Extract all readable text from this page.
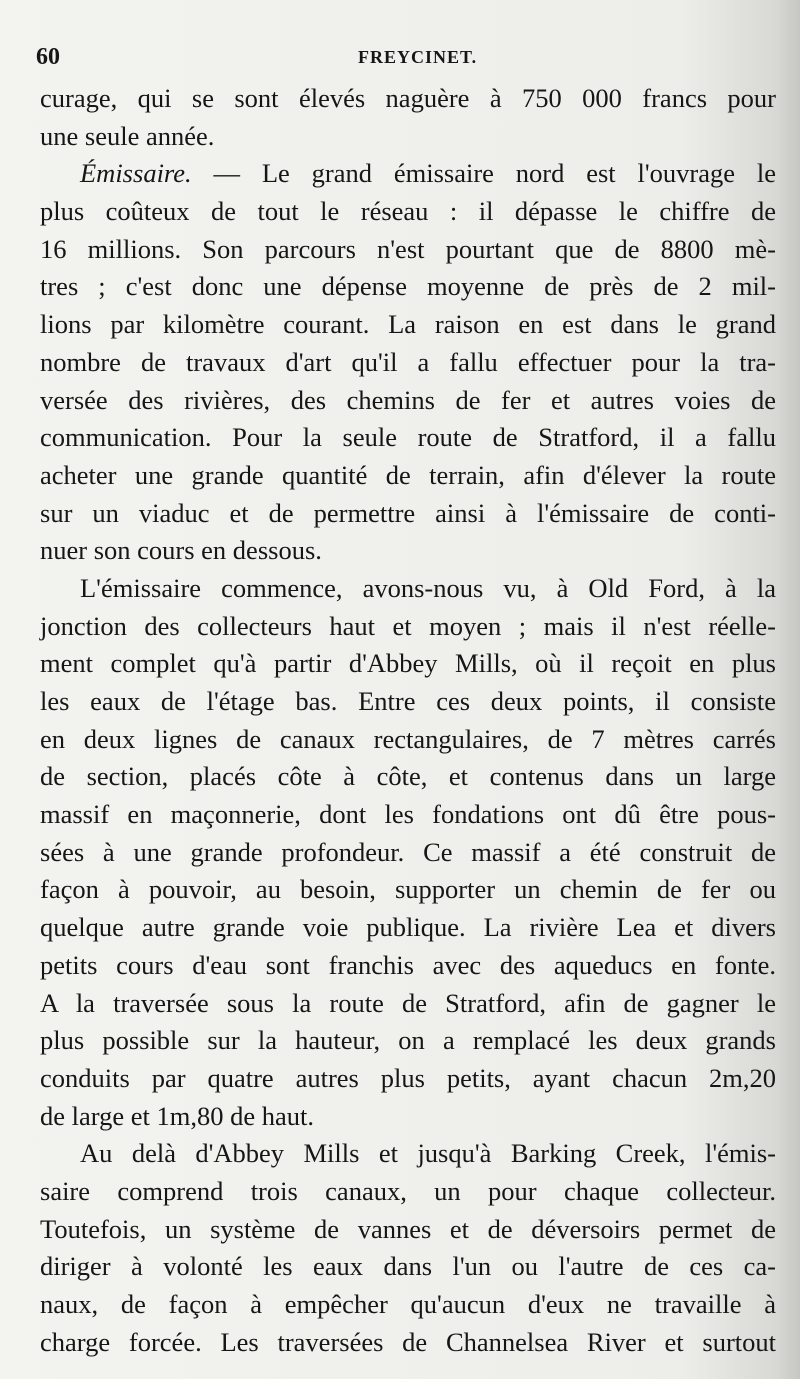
60	FREYCINET.
curage, qui se sont élevés naguère à 750 000 francs pour
une seule année.
Émissaire. — Le grand émissaire nord est l'ouvrage le
plus coûteux de tout le réseau : il dépasse le chiffre de
16 millions. Son parcours n'est pourtant que de 8800 mè-
tres ; c'est donc une dépense moyenne de près de 2 mil-
lions par kilomètre courant. La raison en est dans le grand
nombre de travaux d'art qu'il a fallu effectuer pour la tra-
versée des rivières, des chemins de fer et autres voies de
communication. Pour la seule route de Stratford, il a fallu
acheter une grande quantité de terrain, afin d'élever la route
sur un viaduc et de permettre ainsi à l'émissaire de conti-
nuer son cours en dessous.
L'émissaire commence, avons-nous vu, à Old Ford, à la
jonction des collecteurs haut et moyen ; mais il n'est réelle-
ment complet qu'à partir d'Abbey Mills, où il reçoit en plus
les eaux de l'étage bas. Entre ces deux points, il consiste
en deux lignes de canaux rectangulaires, de 7 mètres carrés
de section, placés côte à côte, et contenus dans un large
massif en maçonnerie, dont les fondations ont dû être pous-
sées à une grande profondeur. Ce massif a été construit de
façon à pouvoir, au besoin, supporter un chemin de fer ou
quelque autre grande voie publique. La rivière Lea et divers
petits cours d'eau sont franchis avec des aqueducs en fonte.
A la traversée sous la route de Stratford, afin de gagner le
plus possible sur la hauteur, on a remplacé les deux grands
conduits par quatre autres plus petits, ayant chacun 2m,20
de large et 1m,80 de haut.
Au delà d'Abbey Mills et jusqu'à Barking Creek, l'émis-
saire comprend trois canaux, un pour chaque collecteur.
Toutefois, un système de vannes et de déversoirs permet de
diriger à volonté les eaux dans l'un ou l'autre de ces ca-
naux, de façon à empêcher qu'aucun d'eux ne travaille à
charge forcée. Les traversées de Channelsea River et surtout
